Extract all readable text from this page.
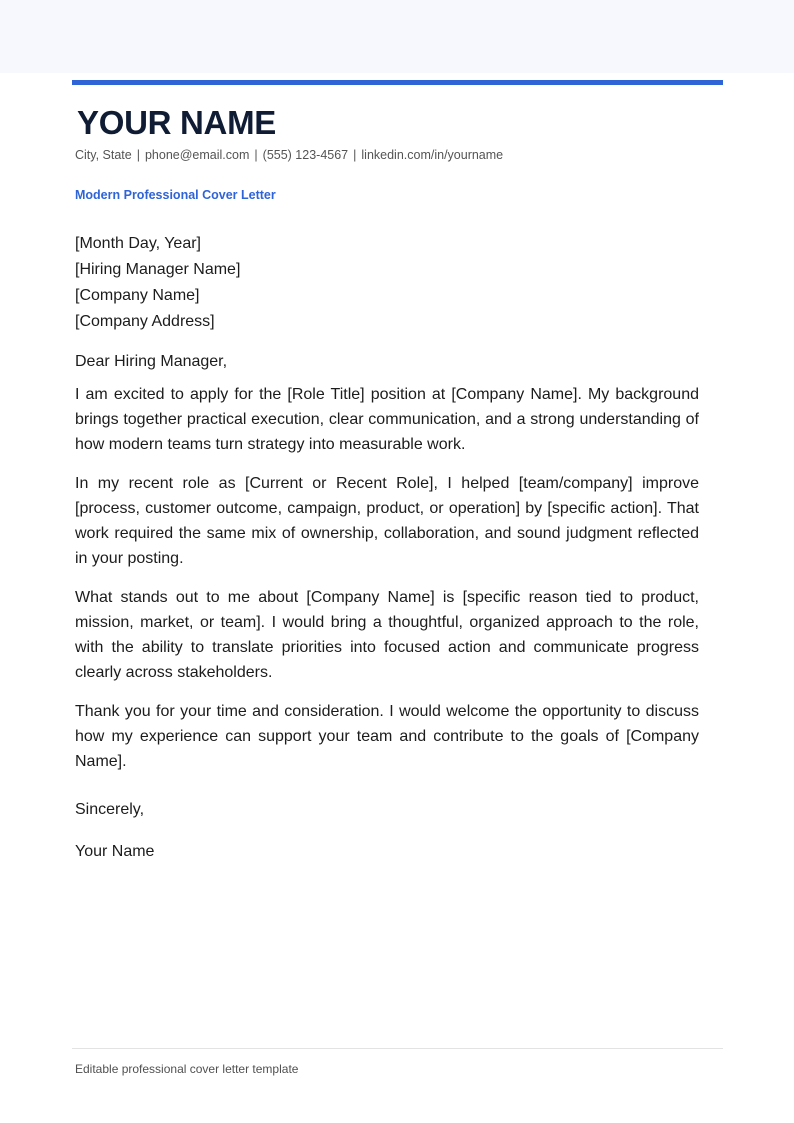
YOUR NAME
City, State | phone@email.com | (555) 123-4567 | linkedin.com/in/yourname
Modern Professional Cover Letter
[Month Day, Year]
[Hiring Manager Name]
[Company Name]
[Company Address]
Dear Hiring Manager,

I am excited to apply for the [Role Title] position at [Company Name]. My background brings together practical execution, clear communication, and a strong understanding of how modern teams turn strategy into measurable work.

In my recent role as [Current or Recent Role], I helped [team/company] improve [process, customer outcome, campaign, product, or operation] by [specific action]. That work required the same mix of ownership, collaboration, and sound judgment reflected in your posting.

What stands out to me about [Company Name] is [specific reason tied to product, mission, market, or team]. I would bring a thoughtful, organized approach to the role, with the ability to translate priorities into focused action and communicate progress clearly across stakeholders.

Thank you for your time and consideration. I would welcome the opportunity to discuss how my experience can support your team and contribute to the goals of [Company Name].

Sincerely,
Your Name
Editable professional cover letter template
